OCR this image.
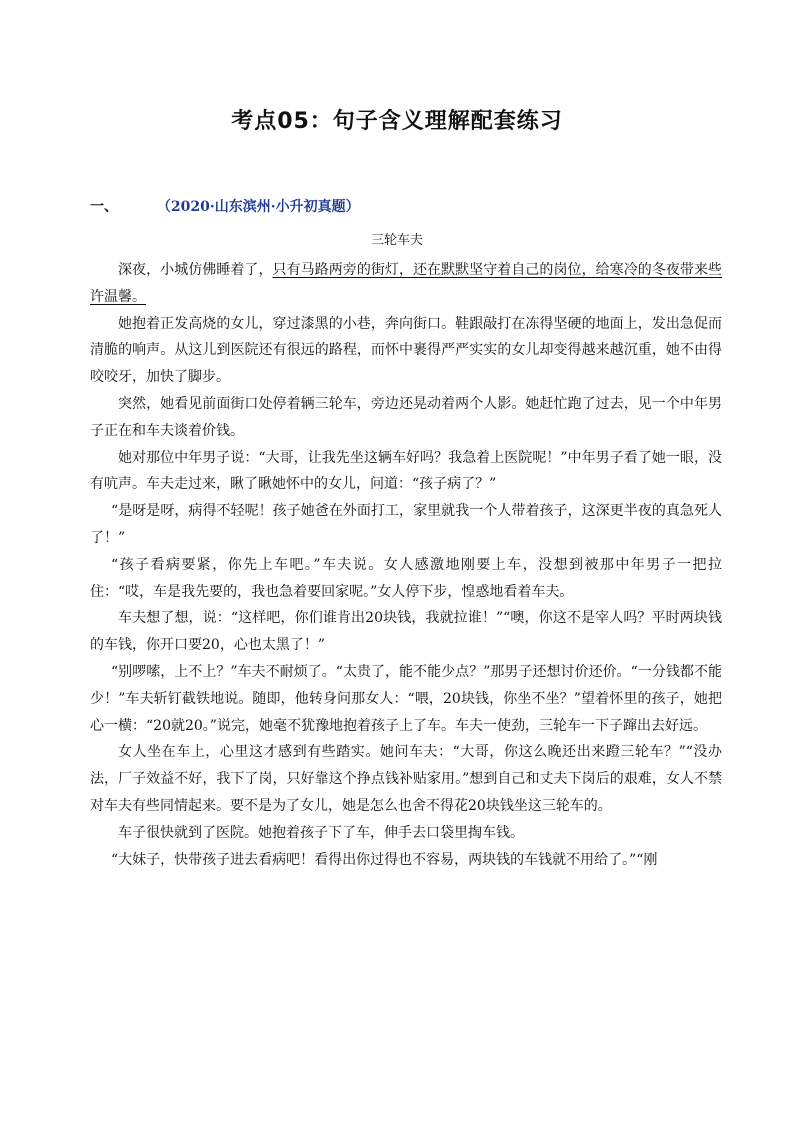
考点05：句子含义理解配套练习
一、	（2020·山东滨州·小升初真题）
三轮车夫

深夜，小城仿佛睡着了，只有马路两旁的街灯，还在默默坚守着自己的岗位，给寒冷的冬夜带来些许温馨。

她抱着正发高烧的女儿，穿过漆黑的小巷，奔向街口。鞋跟敲打在冻得坚硬的地面上，发出急促而清脆的响声。从这儿到医院还有很远的路程，而怀中裹得严严实实的女儿却变得越来越沉重，她不由得咬咬牙，加快了脚步。

突然，她看见前面街口处停着辆三轮车，旁边还晃动着两个人影。她赶忙跑了过去，见一个中年男子正在和车夫谈着价钱。

她对那位中年男子说：“大哥，让我先坐这辆车好吗？我急着上医院呢！”中年男子看了她一眼，没有吭声。车夫走过来，瞅了瞅她怀中的女儿，问道：“孩子病了？”

“是呀是呀，病得不轻呢！孩子她爸在外面打工，家里就我一个人带着孩子，这深更半夜的真急死人了！”

“孩子看病要紧，你先上车吧。”车夫说。女人感激地刚要上车，没想到被那中年男子一把拉住：“哎，车是我先要的，我也急着要回家呢。”女人停下步，惶惑地看着车夫。

车夫想了想，说：“这样吧，你们谁肯出20块钱，我就拉谁！”“噢，你这不是宰人吗？平时两块钱的车钱，你开口要20，心也太黑了！”

“别啰嗦，上不上？”车夫不耐烦了。“太贵了，能不能少点？”那男子还想讨价还价。“一分钱都不能少！”车夫斩钉截铁地说。随即，他转身问那女人：“喂，20块钱，你坐不坐？”望着怀里的孩子，她把心一横：“20就20。”说完，她毫不犹豫地抱着孩子上了车。车夫一使劲，三轮车一下子蹿出去好远。

女人坐在车上，心里这才感到有些踏实。她问车夫：“大哥，你这么晚还出来蹬三轮车？”“没办法，厂子效益不好，我下了岗，只好靠这个挣点钱补贴家用。”想到自己和丈夫下岗后的艰难，女人不禁对车夫有些同情起来。要不是为了女儿，她是怎么也舍不得花20块钱坐这三轮车的。

车子很快就到了医院。她抱着孩子下了车，伸手去口袋里掏车钱。

“大妹子，快带孩子进去看病吧！看得出你过得也不容易，两块钱的车钱就不用给了。”“刚
